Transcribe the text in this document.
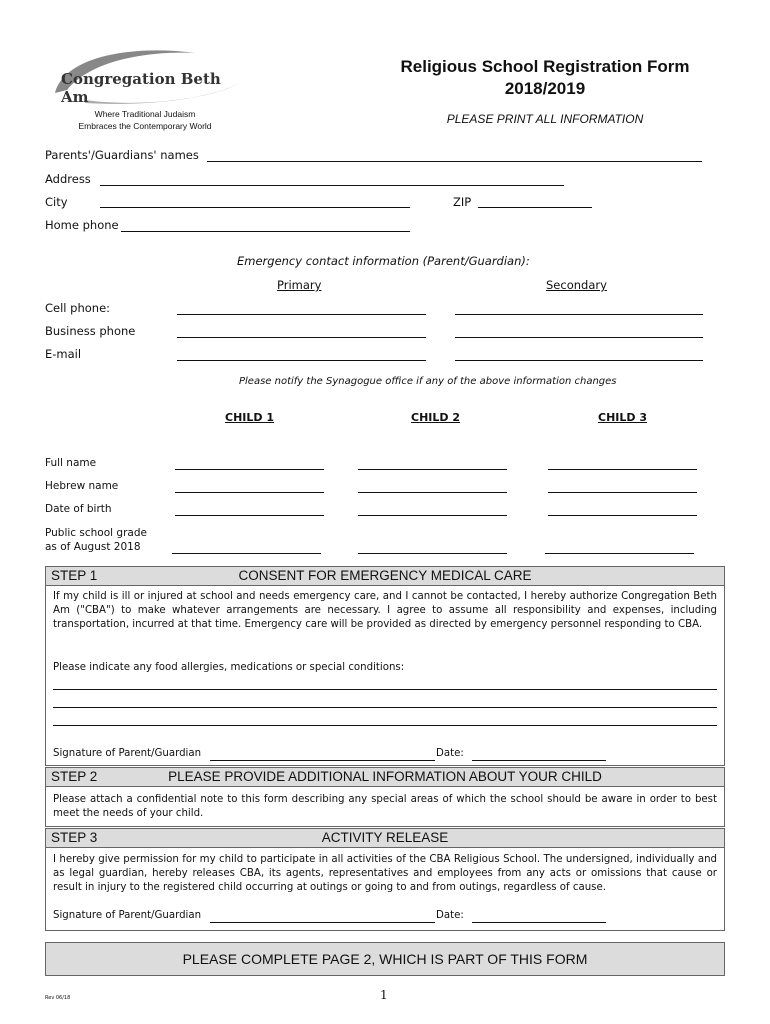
Congregation Beth Am
Where Traditional Judaism
Embraces the Contemporary World
Religious School Registration Form
2018/2019
PLEASE PRINT ALL INFORMATION
Parents'/Guardians' names
Address
City	ZIP
Home phone
Emergency contact information (Parent/Guardian):
Primary	Secondary
Cell phone:
Business phone
E-mail
Please notify the Synagogue office if any of the above information changes
CHILD 1	CHILD 2	CHILD 3
Full name
Hebrew name
Date of birth
Public school grade
as of August 2018
STEP 1	CONSENT FOR EMERGENCY MEDICAL CARE
If my child is ill or injured at school and needs emergency care, and I cannot be contacted, I hereby authorize Congregation Beth Am ("CBA") to make whatever arrangements are necessary. I agree to assume all responsibility and expenses, including transportation, incurred at that time. Emergency care will be provided as directed by emergency personnel responding to CBA.
Please indicate any food allergies, medications or special conditions:
Signature of Parent/Guardian	Date:
STEP 2	PLEASE PROVIDE ADDITIONAL INFORMATION ABOUT YOUR CHILD
Please attach a confidential note to this form describing any special areas of which the school should be aware in order to best meet the needs of your child.
STEP 3	ACTIVITY RELEASE
I hereby give permission for my child to participate in all activities of the CBA Religious School. The undersigned, individually and as legal guardian, hereby releases CBA, its agents, representatives and employees from any acts or omissions that cause or result in injury to the registered child occurring at outings or going to and from outings, regardless of cause.
Signature of Parent/Guardian	Date:
PLEASE COMPLETE PAGE 2, WHICH IS PART OF THIS FORM
Rev 06/18	1
